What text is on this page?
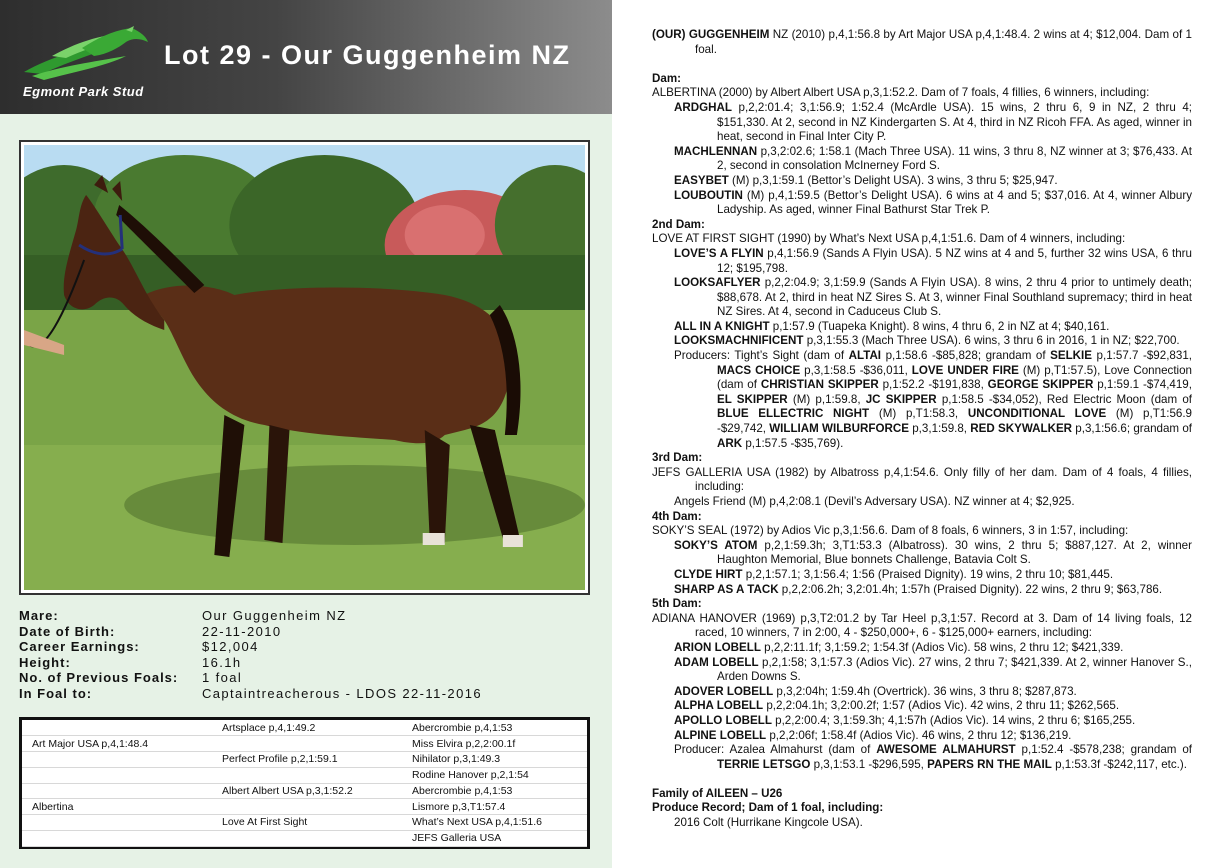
Egmont Park Stud
Lot 29 - Our Guggenheim NZ
Mare:	Our Guggenheim NZ
Date of Birth:	22-11-2010
Career Earnings:	$12,004
Height:	16.1h
No. of Previous Foals:	1 foal
In Foal to:	Captaintreacherous - LDOS 22-11-2016
	Artsplace p,4,1:49.2	Abercrombie p,4,1:53
Art Major USA p,4,1:48.4		Miss Elvira p,2,2:00.1f
	Perfect Profile p,2,1:59.1	Nihilator p,3,1:49.3
		Rodine Hanover p,2,1:54
	Albert Albert USA p,3,1:52.2	Abercrombie p,4,1:53
Albertina		Lismore p,3,T1:57.4
	Love At First Sight	What’s Next USA p,4,1:51.6
		JEFS Galleria USA

(OUR) GUGGENHEIM NZ (2010) p,4,1:56.8 by Art Major USA p,4,1:48.4. 2 wins at 4; $12,004. Dam of 1 foal.

Dam:

ALBERTINA (2000) by Albert Albert USA p,3,1:52.2. Dam of 7 foals, 4 fillies, 6 winners, including:

ARDGHAL p,2,2:01.4; 3,1:56.9; 1:52.4 (McArdle USA). 15 wins, 2 thru 6, 9 in NZ, 2 thru 4; $151,330. At 2, second in NZ Kindergarten S. At 4, third in NZ Ricoh FFA. As aged, winner in heat, second in Final Inter City P.

MACHLENNAN p,3,2:02.6; 1:58.1 (Mach Three USA). 11 wins, 3 thru 8, NZ winner at 3; $76,433. At 2, second in consolation McInerney Ford S.

EASYBET (M) p,3,1:59.1 (Bettor’s Delight USA). 3 wins, 3 thru 5; $25,947.

LOUBOUTIN (M) p,4,1:59.5 (Bettor’s Delight USA). 6 wins at 4 and 5; $37,016. At 4, winner Albury Ladyship. As aged, winner Final Bathurst Star Trek P.

2nd Dam:

LOVE AT FIRST SIGHT (1990) by What’s Next USA p,4,1:51.6. Dam of 4 winners, including:

LOVE’S A FLYIN p,4,1:56.9 (Sands A Flyin USA). 5 NZ wins at 4 and 5, further 32 wins USA, 6 thru 12; $195,798.

LOOKSAFLYER p,2,2:04.9; 3,1:59.9 (Sands A Flyin USA). 8 wins, 2 thru 4 prior to untimely death; $88,678. At 2, third in heat NZ Sires S. At 3, winner Final Southland supremacy; third in heat NZ Sires. At 4, second in Caduceus Club S.

ALL IN A KNIGHT p,1:57.9 (Tuapeka Knight). 8 wins, 4 thru 6, 2 in NZ at 4; $40,161.

LOOKSMACHNIFICENT p,3,1:55.3 (Mach Three USA). 6 wins, 3 thru 6 in 2016, 1 in NZ; $22,700.

Producers: Tight’s Sight (dam of ALTAI p,1:58.6 -$85,828; grandam of SELKIE p,1:57.7 -$92,831, MACS CHOICE p,3,1:58.5 -$36,011, LOVE UNDER FIRE (M) p,T1:57.5), Love Connection (dam of CHRISTIAN SKIPPER p,1:52.2 -$191,838, GEORGE SKIPPER p,1:59.1 -$74,419, EL SKIPPER (M) p,1:59.8, JC SKIPPER p,1:58.5 -$34,052), Red Electric Moon (dam of BLUE ELLECTRIC NIGHT (M) p,T1:58.3, UNCONDITIONAL LOVE (M) p,T1:56.9 -$29,742, WILLIAM WILBURFORCE p,3,1:59.8, RED SKYWALKER p,3,1:56.6; grandam of ARK p,1:57.5 -$35,769).

3rd Dam:

JEFS GALLERIA USA (1982) by Albatross p,4,1:54.6. Only filly of her dam. Dam of 4 foals, 4 fillies, including:

Angels Friend (M) p,4,2:08.1 (Devil’s Adversary USA). NZ winner at 4; $2,925.

4th Dam:

SOKY’S SEAL (1972) by Adios Vic p,3,1:56.6. Dam of 8 foals, 6 winners, 3 in 1:57, including:

SOKY’S ATOM p,2,1:59.3h; 3,T1:53.3 (Albatross). 30 wins, 2 thru 5; $887,127. At 2, winner Haughton Memorial, Blue bonnets Challenge, Batavia Colt S.

CLYDE HIRT p,2,1:57.1; 3,1:56.4; 1:56 (Praised Dignity). 19 wins, 2 thru 10; $81,445.

SHARP AS A TACK p,2,2:06.2h; 3,2:01.4h; 1:57h (Praised Dignity). 22 wins, 2 thru 9; $63,786.

5th Dam:

ADIANA HANOVER (1969) p,3,T2:01.2 by Tar Heel p,3,1:57. Record at 3. Dam of 14 living foals, 12 raced, 10 winners, 7 in 2:00, 4 - $250,000+, 6 - $125,000+ earners, including:

ARION LOBELL p,2,2:11.1f; 3,1:59.2; 1:54.3f (Adios Vic). 58 wins, 2 thru 12; $421,339.

ADAM LOBELL p,2,1:58; 3,1:57.3 (Adios Vic). 27 wins, 2 thru 7; $421,339. At 2, winner Hanover S., Arden Downs S.

ADOVER LOBELL p,3,2:04h; 1:59.4h (Overtrick). 36 wins, 3 thru 8; $287,873.

ALPHA LOBELL p,2,2:04.1h; 3,2:00.2f; 1:57 (Adios Vic). 42 wins, 2 thru 11; $262,565.

APOLLO LOBELL p,2,2:00.4; 3,1:59.3h; 4,1:57h (Adios Vic). 14 wins, 2 thru 6; $165,255.

ALPINE LOBELL p,2,2:06f; 1:58.4f (Adios Vic). 46 wins, 2 thru 12; $136,219.

Producer: Azalea Almahurst (dam of AWESOME ALMAHURST p,1:52.4 -$578,238; grandam of TERRIE LETSGO p,3,1:53.1 -$296,595, PAPERS RN THE MAIL p,1:53.3f -$242,117, etc.).

Family of AILEEN – U26

Produce Record; Dam of 1 foal, including:

2016 Colt (Hurrikane Kingcole USA).
